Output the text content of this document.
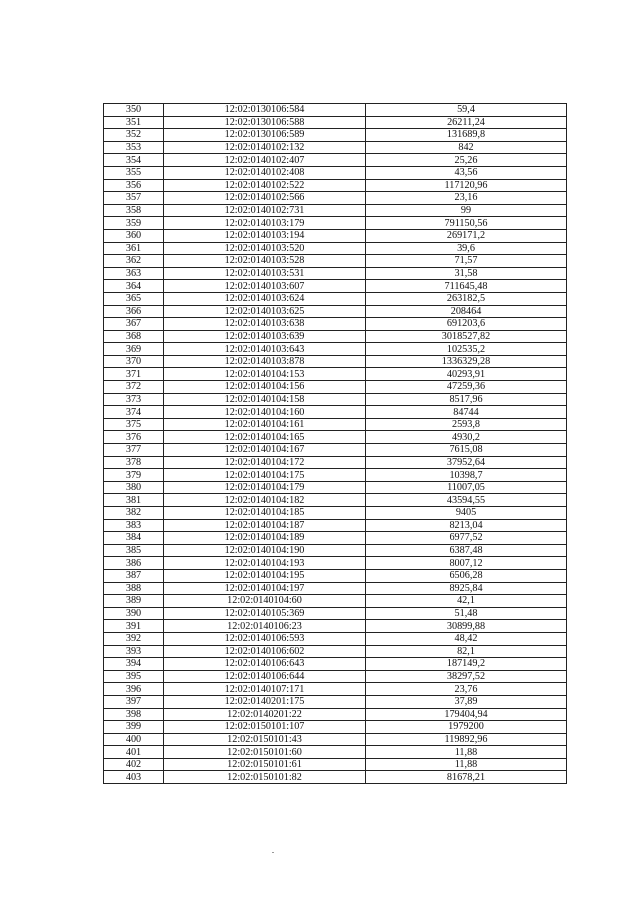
350	12:02:0130106:584	59,4
351	12:02:0130106:588	26211,24
352	12:02:0130106:589	131689,8
353	12:02:0140102:132	842
354	12:02:0140102:407	25,26
355	12:02:0140102:408	43,56
356	12:02:0140102:522	117120,96
357	12:02:0140102:566	23,16
358	12:02:0140102:731	99
359	12:02:0140103:179	791150,56
360	12:02:0140103:194	269171,2
361	12:02:0140103:520	39,6
362	12:02:0140103:528	71,57
363	12:02:0140103:531	31,58
364	12:02:0140103:607	711645,48
365	12:02:0140103:624	263182,5
366	12:02:0140103:625	208464
367	12:02:0140103:638	691203,6
368	12:02:0140103:639	3018527,82
369	12:02:0140103:643	102535,2
370	12:02:0140103:878	1336329,28
371	12:02:0140104:153	40293,91
372	12:02:0140104:156	47259,36
373	12:02:0140104:158	8517,96
374	12:02:0140104:160	84744
375	12:02:0140104:161	2593,8
376	12:02:0140104:165	4930,2
377	12:02:0140104:167	7615,08
378	12:02:0140104:172	37952,64
379	12:02:0140104:175	10398,7
380	12:02:0140104:179	11007,05
381	12:02:0140104:182	43594,55
382	12:02:0140104:185	9405
383	12:02:0140104:187	8213,04
384	12:02:0140104:189	6977,52
385	12:02:0140104:190	6387,48
386	12:02:0140104:193	8007,12
387	12:02:0140104:195	6506,28
388	12:02:0140104:197	8925,84
389	12:02:0140104:60	42,1
390	12:02:0140105:369	51,48
391	12:02:0140106:23	30899,88
392	12:02:0140106:593	48,42
393	12:02:0140106:602	82,1
394	12:02:0140106:643	187149,2
395	12:02:0140106:644	38297,52
396	12:02:0140107:171	23,76
397	12:02:0140201:175	37,89
398	12:02:0140201:22	179404,94
399	12:02:0150101:107	1979200
400	12:02:0150101:43	119892,96
401	12:02:0150101:60	11,88
402	12:02:0150101:61	11,88
403	12:02:0150101:82	81678,21
